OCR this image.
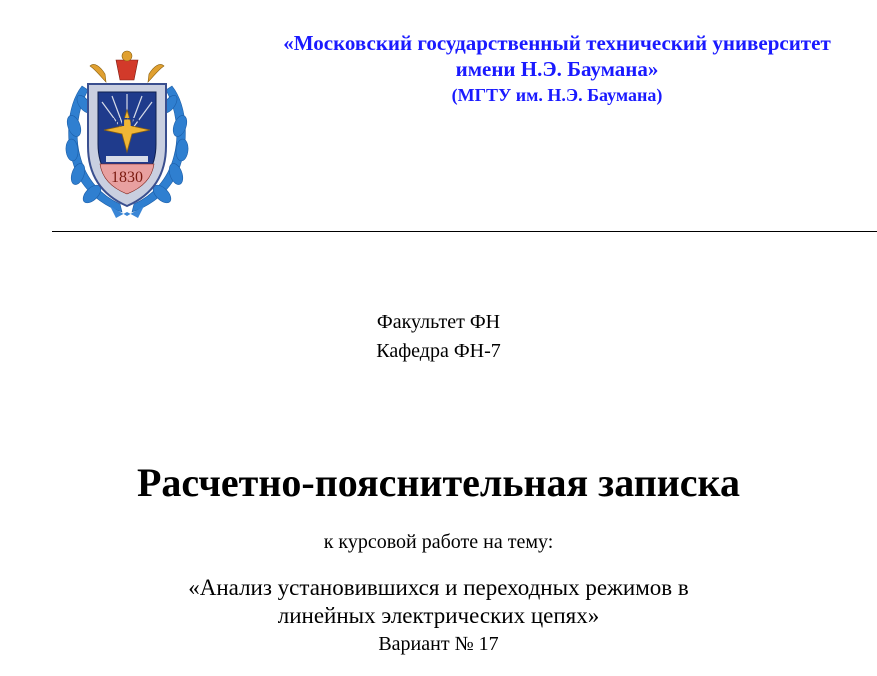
МГТУ
1830
«Московский государственный технический университет
имени Н.Э. Баумана»
(МГТУ им. Н.Э. Баумана)
Факультет ФН
Кафедра ФН-7
Расчетно-пояснительная записка
к курсовой работе на тему:
«Анализ установившихся и переходных режимов в
линейных электрических цепях»
Вариант № 17
